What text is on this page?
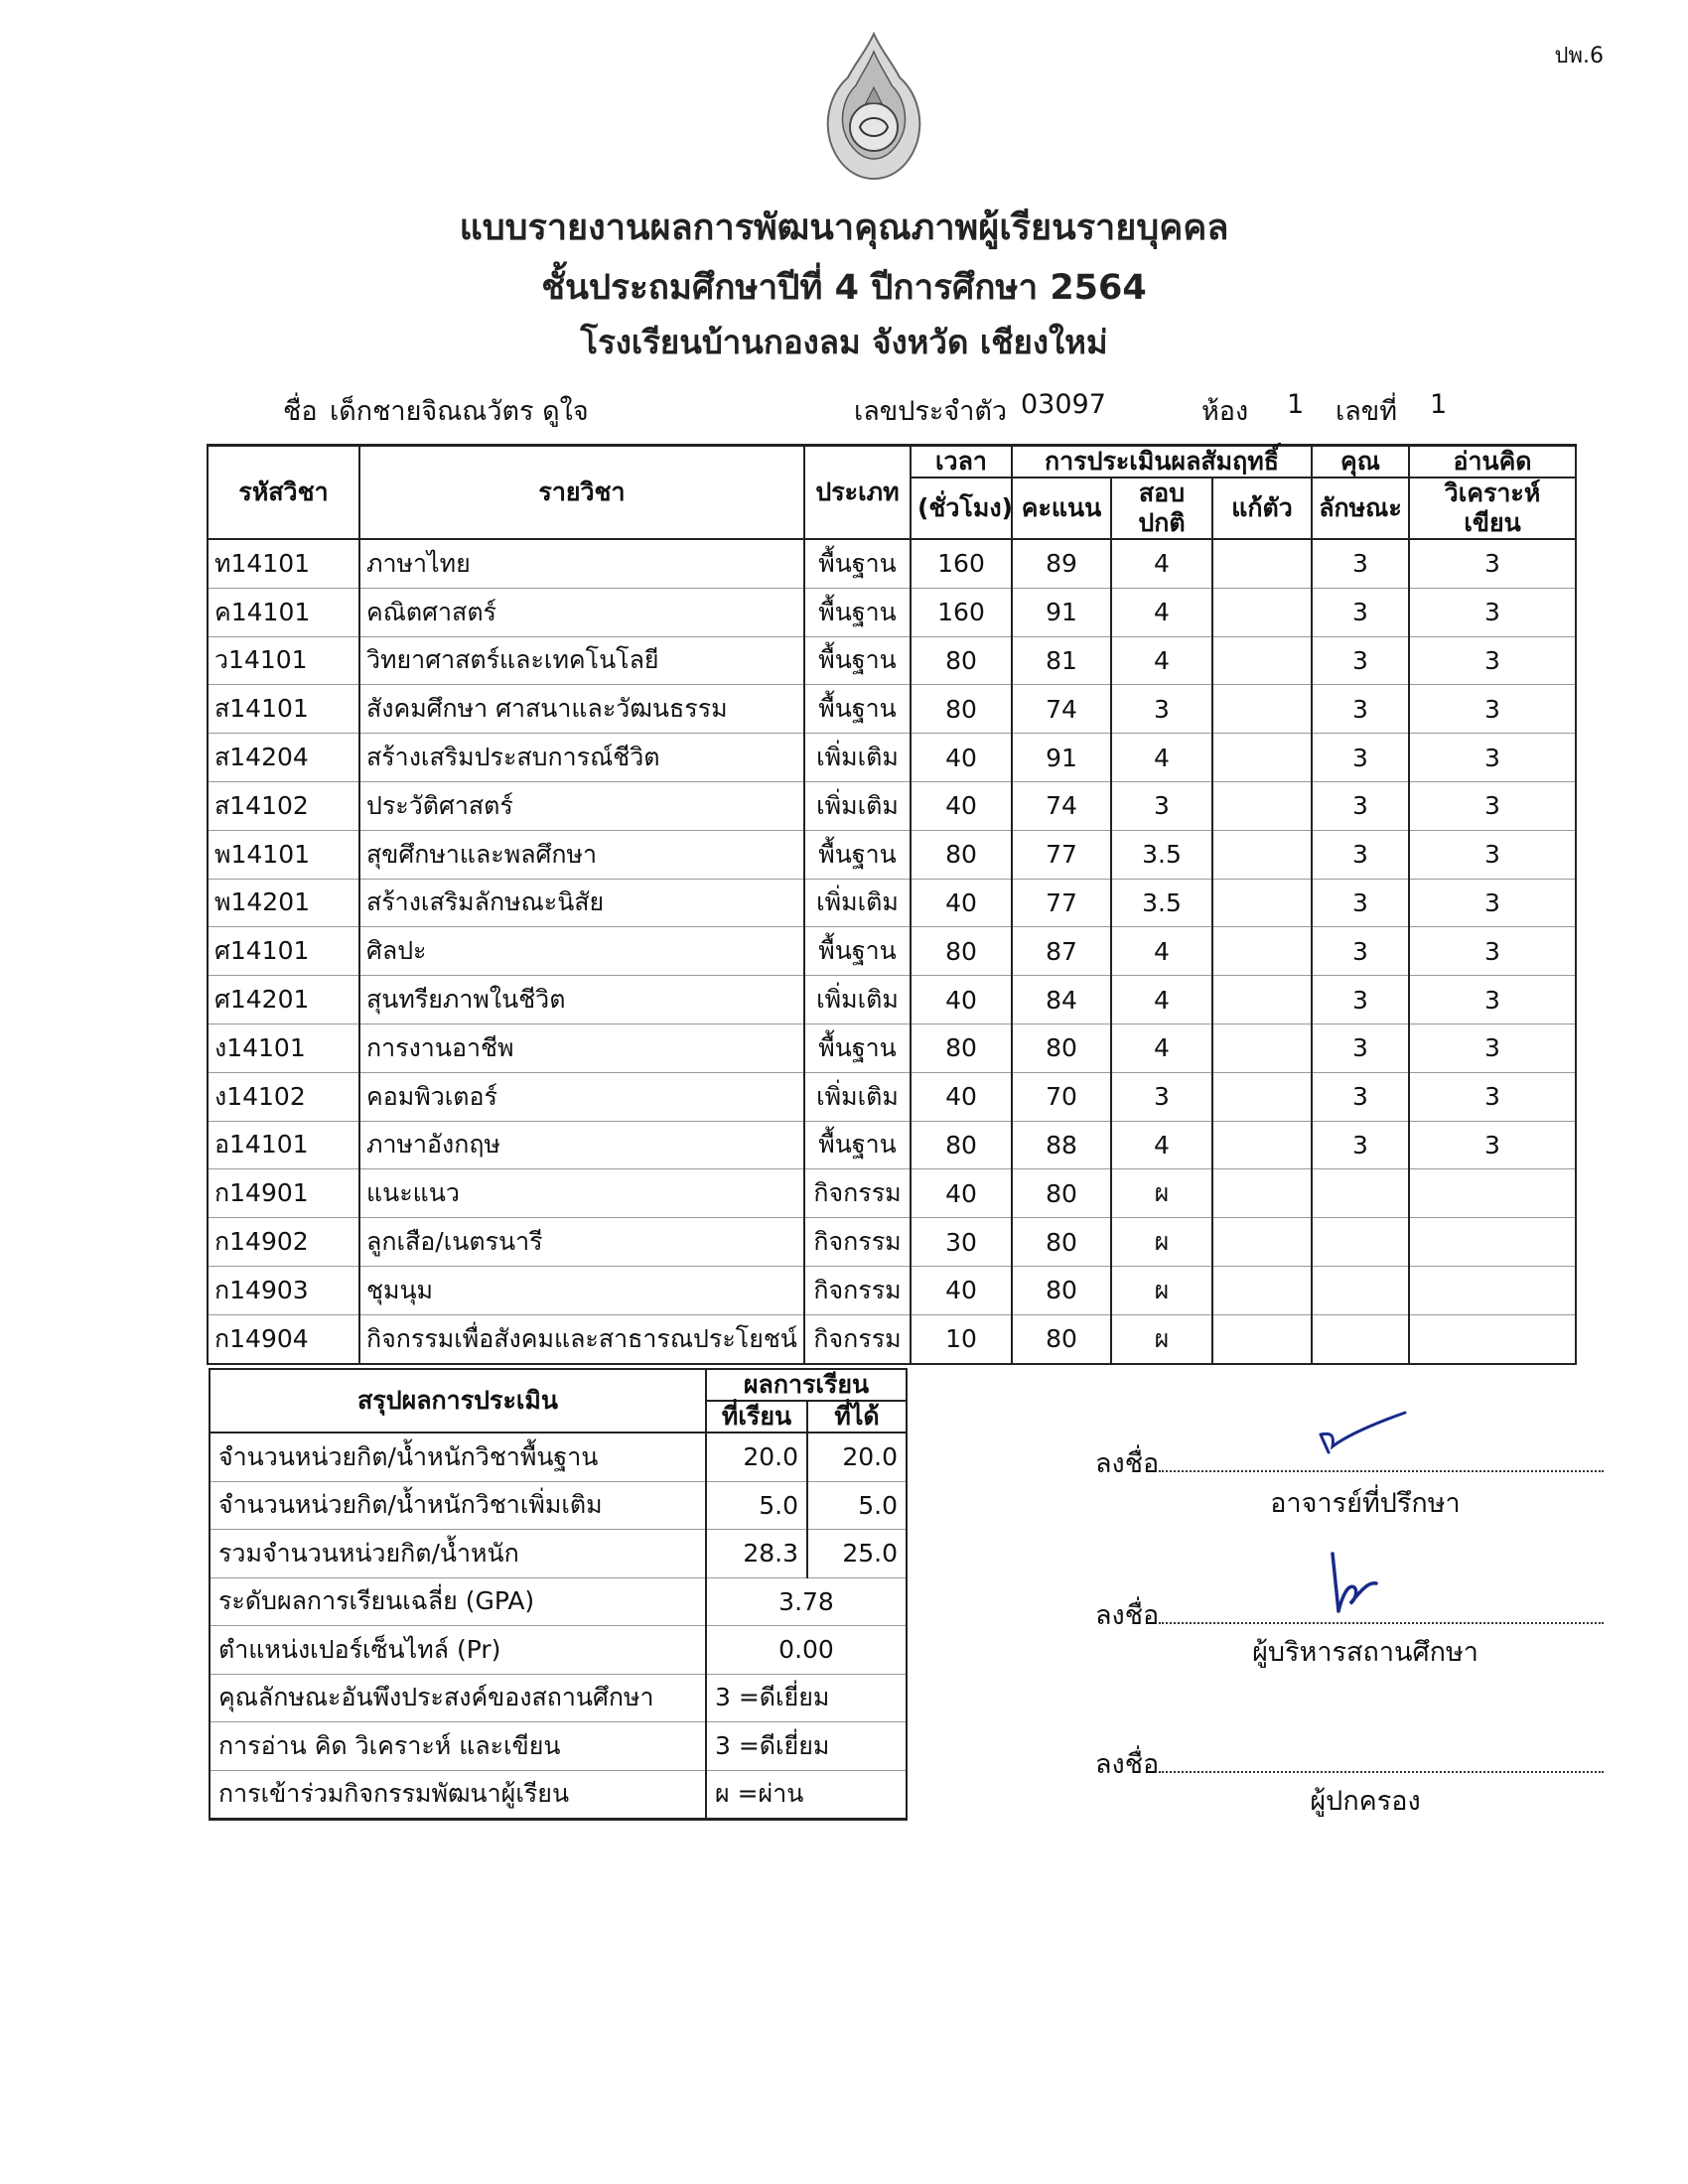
ปพ.6
แบบรายงานผลการพัฒนาคุณภาพผู้เรียนรายบุคคล
ชั้นประถมศึกษาปีที่ 4 ปีการศึกษา 2564
โรงเรียนบ้านกองลม จังหวัด เชียงใหม่
ชื่อ เด็กชายจิณณวัตร ดูใจ	เลขประจำตัว 03097	ห้อง 1 เลขที่ 1
รหัสวิชา	รายวิชา	ประเภท	เวลา	การประเมินผลสัมฤทธิ์			คุณ	อ่านคิด
			(ชั่วโมง)	คะแนน	สอบปกติ	แก้ตัว	ลักษณะ	วิเคราะห์เขียน
ท14101	ภาษาไทย	พื้นฐาน	160	89	4		3	3
ค14101	คณิตศาสตร์	พื้นฐาน	160	91	4		3	3
ว14101	วิทยาศาสตร์และเทคโนโลยี	พื้นฐาน	80	81	4		3	3
ส14101	สังคมศึกษา ศาสนาและวัฒนธรรม	พื้นฐาน	80	74	3		3	3
ส14204	สร้างเสริมประสบการณ์ชีวิต	เพิ่มเติม	40	91	4		3	3
ส14102	ประวัติศาสตร์	เพิ่มเติม	40	74	3		3	3
พ14101	สุขศึกษาและพลศึกษา	พื้นฐาน	80	77	3.5		3	3
พ14201	สร้างเสริมลักษณะนิสัย	เพิ่มเติม	40	77	3.5		3	3
ศ14101	ศิลปะ	พื้นฐาน	80	87	4		3	3
ศ14201	สุนทรียภาพในชีวิต	เพิ่มเติม	40	84	4		3	3
ง14101	การงานอาชีพ	พื้นฐาน	80	80	4		3	3
ง14102	คอมพิวเตอร์	เพิ่มเติม	40	70	3		3	3
อ14101	ภาษาอังกฤษ	พื้นฐาน	80	88	4		3	3
ก14901	แนะแนว	กิจกรรม	40	80	ผ			
ก14902	ลูกเสือ/เนตรนารี	กิจกรรม	30	80	ผ			
ก14903	ชุมนุม	กิจกรรม	40	80	ผ			
ก14904	กิจกรรมเพื่อสังคมและสาธารณประโยชน์	กิจกรรม	10	80	ผ			
สรุปผลการประเมิน	ผลการเรียน	
	ที่เรียน	ที่ได้
จำนวนหน่วยกิต/น้ำหนักวิชาพื้นฐาน	20.0	20.0
จำนวนหน่วยกิต/น้ำหนักวิชาเพิ่มเติม	5.0	5.0
รวมจำนวนหน่วยกิต/น้ำหนัก	28.3	25.0
ระดับผลการเรียนเฉลี่ย (GPA)	3.78	
ตำแหน่งเปอร์เซ็นไทล์ (Pr)	0.00	
คุณลักษณะอันพึงประสงค์ของสถานศึกษา	3 =ดีเยี่ยม	
การอ่าน คิด วิเคราะห์ และเขียน	3 =ดีเยี่ยม	
การเข้าร่วมกิจกรรมพัฒนาผู้เรียน	ผ =ผ่าน	
ลงชื่อ
อาจารย์ที่ปรึกษา
ลงชื่อ
ผู้บริหารสถานศึกษา
ลงชื่อ
ผู้ปกครอง
